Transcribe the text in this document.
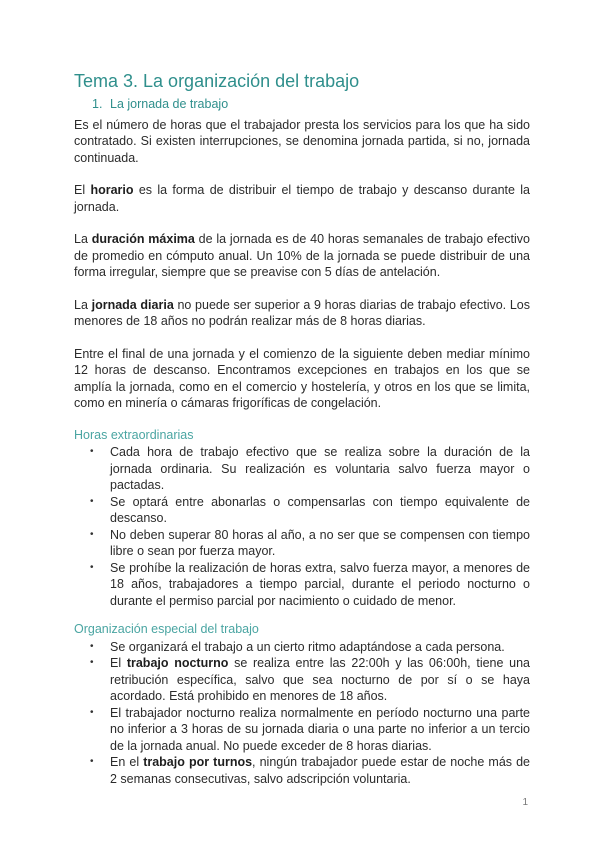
Tema 3. La organización del trabajo
1. La jornada de trabajo

Es el número de horas que el trabajador presta los servicios para los que ha sido contratado. Si existen interrupciones, se denomina jornada partida, si no, jornada continuada.

El horario es la forma de distribuir el tiempo de trabajo y descanso durante la jornada.

La duración máxima de la jornada es de 40 horas semanales de trabajo efectivo de promedio en cómputo anual. Un 10% de la jornada se puede distribuir de una forma irregular, siempre que se preavise con 5 días de antelación.

La jornada diaria no puede ser superior a 9 horas diarias de trabajo efectivo. Los menores de 18 años no podrán realizar más de 8 horas diarias.

Entre el final de una jornada y el comienzo de la siguiente deben mediar mínimo 12 horas de descanso. Encontramos excepciones en trabajos en los que se amplía la jornada, como en el comercio y hostelería, y otros en los que se limita, como en minería o cámaras frigoríficas de congelación.

Horas extraordinarias
• Cada hora de trabajo efectivo que se realiza sobre la duración de la jornada ordinaria. Su realización es voluntaria salvo fuerza mayor o pactadas.
• Se optará entre abonarlas o compensarlas con tiempo equivalente de descanso.
• No deben superar 80 horas al año, a no ser que se compensen con tiempo libre o sean por fuerza mayor.
• Se prohíbe la realización de horas extra, salvo fuerza mayor, a menores de 18 años, trabajadores a tiempo parcial, durante el periodo nocturno o durante el permiso parcial por nacimiento o cuidado de menor.
Organización especial del trabajo
• Se organizará el trabajo a un cierto ritmo adaptándose a cada persona.
• El trabajo nocturno se realiza entre las 22:00h y las 06:00h, tiene una retribución específica, salvo que sea nocturno de por sí o se haya acordado. Está prohibido en menores de 18 años.
• El trabajador nocturno realiza normalmente en período nocturno una parte no inferior a 3 horas de su jornada diaria o una parte no inferior a un tercio de la jornada anual. No puede exceder de 8 horas diarias.
• En el trabajo por turnos, ningún trabajador puede estar de noche más de 2 semanas consecutivas, salvo adscripción voluntaria.
1
